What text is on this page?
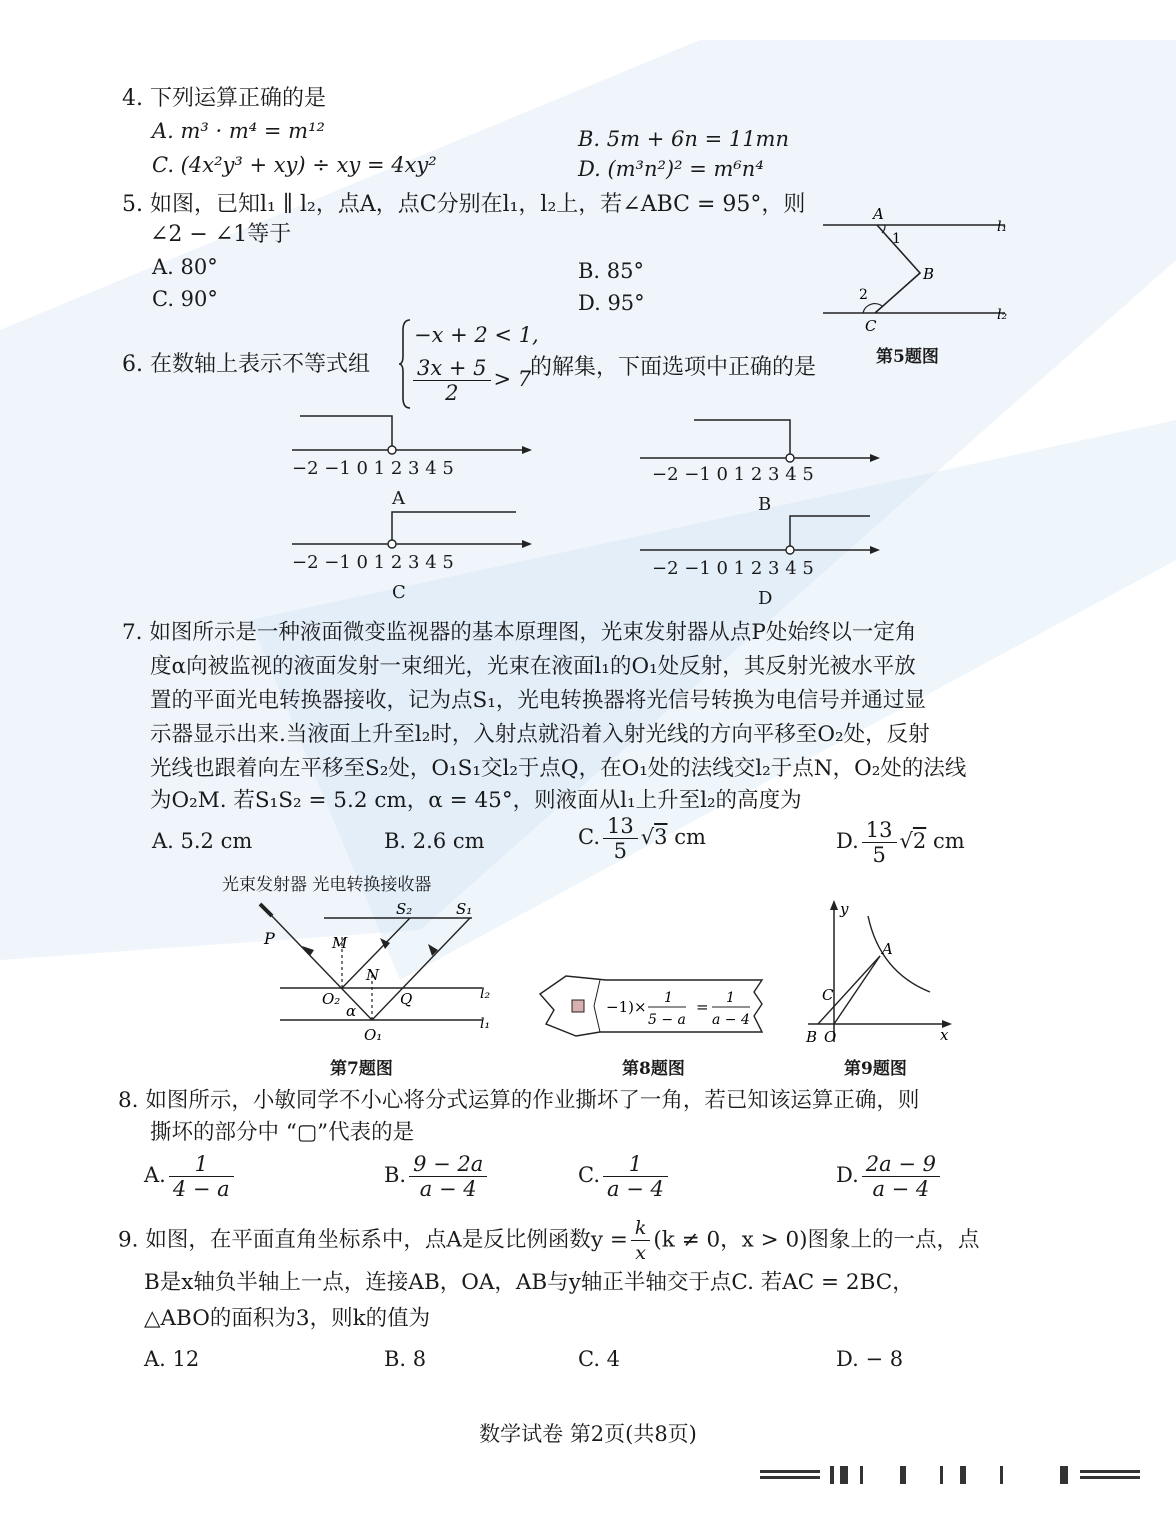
4. 下列运算正确的是
A. m³ · m⁴ = m¹²	B. 5m + 6n = 11mn
C. (4x²y³ + xy) ÷ xy = 4xy²	D. (m³n²)² = m⁶n⁴
5. 如图，已知l₁ ∥ l₂，点A，点C分别在l₁，l₂上，若∠ABC = 95°，则
∠2 − ∠1等于
A. 80°	B. 85°
C. 90°	D. 95°
A
1
B
2
C
l₁
l₂
第5题图
6. 在数轴上表示不等式组
−x + 2 < 1,
$\frac{3x + 5}{2} > 7$
的解集，下面选项中正确的是
−2 −1 0 1 2 3 4 5
A
−2 −1 0 1 2 3 4 5
B
−2 −1 0 1 2 3 4 5
C
−2 −1 0 1 2 3 4 5
D
7. 如图所示是一种液面微变监视器的基本原理图，光束发射器从点P处始终以一定角
度α向被监视的液面发射一束细光，光束在液面l₁的O₁处反射，其反射光被水平放
置的平面光电转换器接收，记为点S₁，光电转换器将光信号转换为电信号并通过显
示器显示出来.当液面上升至l₂时，入射点就沿着入射光线的方向平移至O₂处，反射
光线也跟着向左平移至S₂处，O₁S₁交l₂于点Q，在O₁处的法线交l₂于点N，O₂处的法线
为O₂M. 若S₁S₂ = 5.2 cm，α = 45°，则液面从l₁上升至l₂的高度为
A. 5.2 cm	B. 2.6 cm	C. $\frac{13}{5} √3$ cm	D. $\frac{13}{5} √2$ cm
光束发射器 光电转换接收器
P	M
N
Q
O₂
α
O₁
S₂	S₁
l₂
l₁
第7题图
−1)× 1
5 − a
= 1
a − 4
第8题图
y
x
A
C
B O
第9题图
8. 如图所示，小敏同学不小心将分式运算的作业撕坏了一角，若已知该运算正确，则
撕坏的部分中 “▢”代表的是
A. $\frac{1}{4 - a}$	B. $\frac{9 - 2a}{a - 4}$	C. $\frac{1}{a - 4}$	D. $\frac{2a - 9}{a - 4}$
9. 如图，在平面直角坐标系中，点A是反比例函数$y = \frac{k}{x} (k \ne 0$，x > 0)图象上的一点，点
B是x轴负半轴上一点，连接AB，OA，AB与y轴正半轴交于点C. 若AC = 2BC，
△ABO的面积为3，则k的值为
A. 12	B. 8	C. 4	D. − 8
数学试卷 第2页(共8页)
